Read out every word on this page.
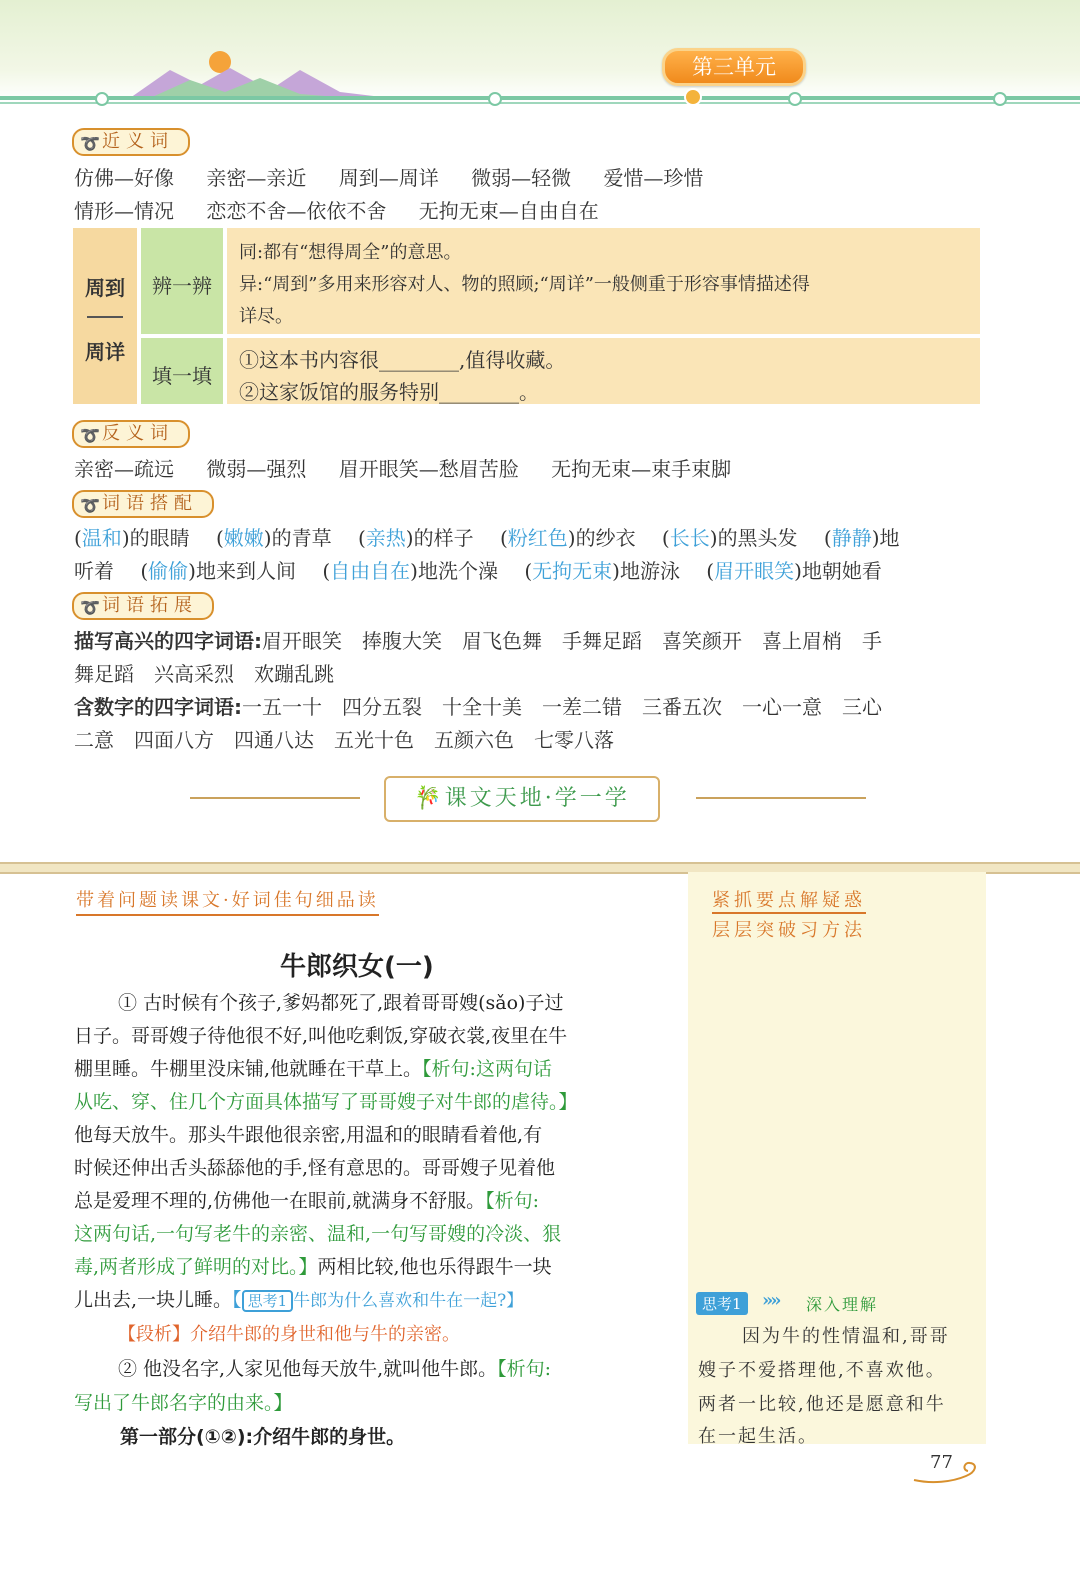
第三单元
➰ 近义词
仿佛—好像 亲密—亲近 周到—周详 微弱—轻微 爱惜—珍惜
情形—情况 恋恋不舍—依依不舍 无拘无束—自由自在
周到
周详
辨一辨
填一填

同:都有“想得周全”的意思。

异:“周到”多用来形容对人、物的照顾;“周详”一般侧重于形容事情描述得

详尽。

①这本书内容很________,值得收藏。

②这家饭馆的服务特别________。

➰ 反义词
亲密—疏远 微弱—强烈 眉开眼笑—愁眉苦脸 无拘无束—束手束脚
➰ 词语搭配
(温和)的眼睛　 (嫩嫩)的青草　 (亲热)的样子　 (粉红色)的纱衣　 (长长)的黑头发　 (静静)地
听着　 (偷偷)地来到人间　 (自由自在)地洗个澡　 (无拘无束)地游泳　 (眉开眼笑)地朝她看
➰ 词语拓展
描写高兴的四字词语:眉开眼笑　捧腹大笑　眉飞色舞　手舞足蹈　喜笑颜开　喜上眉梢　手
舞足蹈　兴高采烈　欢蹦乱跳
含数字的四字词语:一五一十　四分五裂　十全十美　一差二错　三番五次　一心一意　三心
二意　四面八方　四通八达　五光十色　五颜六色　七零八落
🎋课文天地·学一学
带着问题读课文·好词佳句细品读	紧抓要点解疑惑
层层突破习方法
牛郎织女(一)
① 古时候有个孩子,爹妈都死了,跟着哥哥嫂(sǎo)子过
日子。哥哥嫂子待他很不好,叫他吃剩饭,穿破衣裳,夜里在牛
棚里睡。牛棚里没床铺,他就睡在干草上。【析句:这两句话
从吃、穿、住几个方面具体描写了哥哥嫂子对牛郎的虐待。】
他每天放牛。那头牛跟他很亲密,用温和的眼睛看着他,有
时候还伸出舌头舔舔他的手,怪有意思的。哥哥嫂子见着他
总是爱理不理的,仿佛他一在眼前,就满身不舒服。【析句:
这两句话,一句写老牛的亲密、温和,一句写哥嫂的冷淡、狠
毒,两者形成了鲜明的对比。】两相比较,他也乐得跟牛一块
儿出去,一块儿睡。【 思考1 牛郎为什么喜欢和牛在一起?】
【段析】介绍牛郎的身世和他与牛的亲密。
② 他没名字,人家见他每天放牛,就叫他牛郎。【析句:
写出了牛郎名字的由来。】
第一部分(①②):介绍牛郎的身世。
思考1	»» 深入理解
因为牛的性情温和,哥哥
嫂子不爱搭理他,不喜欢他。
两者一比较,他还是愿意和牛
在一起生活。
77
